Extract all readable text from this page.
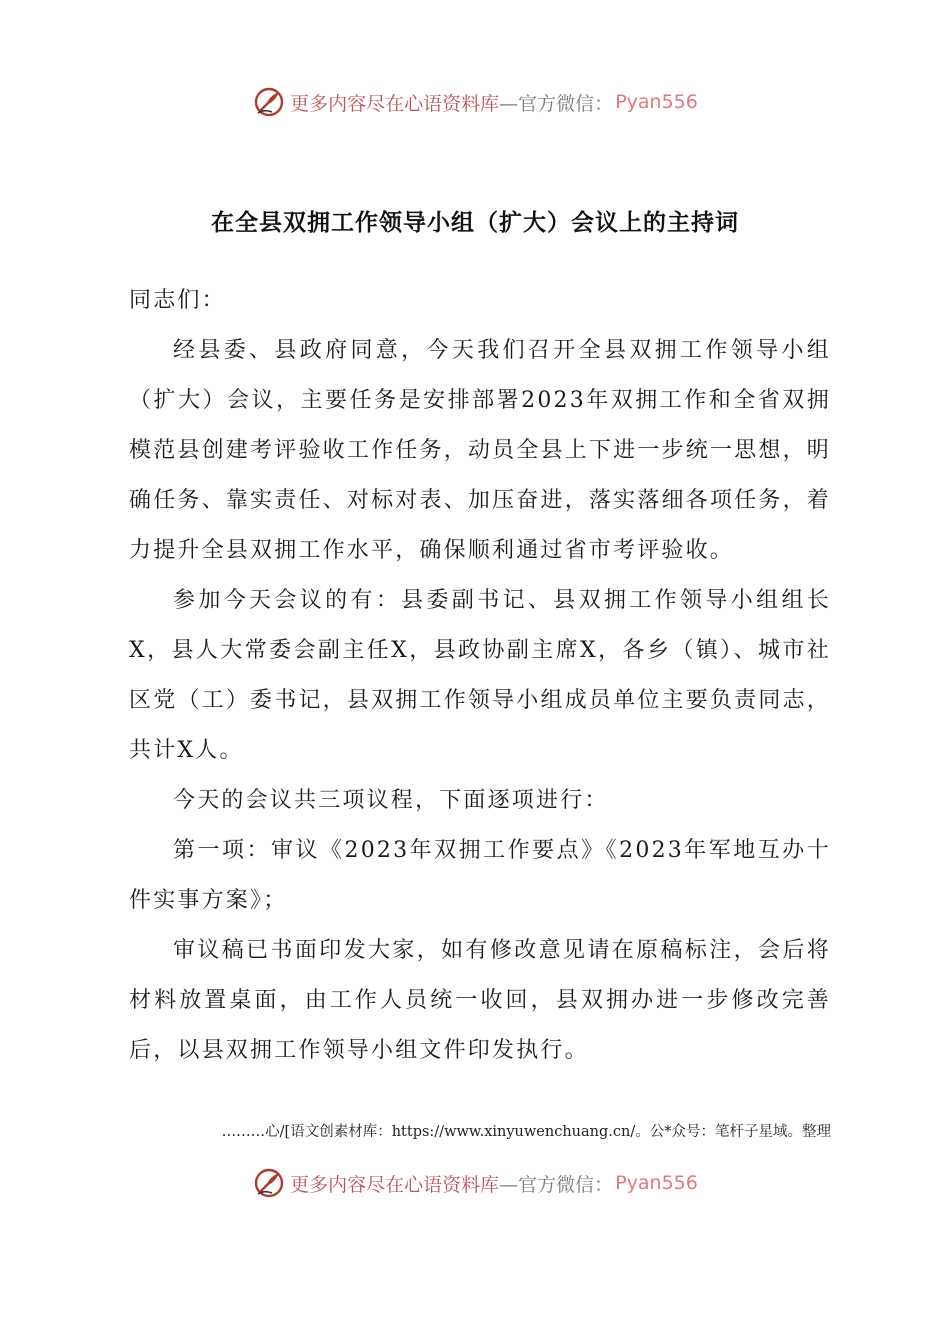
更多内容尽在心语资料库 —官方微信： Pyan556
在全县双拥工作领导小组（扩大）会议上的主持词

同志们：

经县委、县政府同意，今天我们召开全县双拥工作领导小组（扩大）会议，主要任务是安排部署2023年双拥工作和全省双拥模范县创建考评验收工作任务，动员全县上下进一步统一思想，明确任务、靠实责任、对标对表、加压奋进，落实落细各项任务，着力提升全县双拥工作水平，确保顺利通过省市考评验收。

参加今天会议的有：县委副书记、县双拥工作领导小组组长X，县人大常委会副主任X，县政协副主席X，各乡（镇）、城市社区党（工）委书记，县双拥工作领导小组成员单位主要负责同志，共计X人。

今天的会议共三项议程，下面逐项进行：

第一项：审议《2023年双拥工作要点》《2023年军地互办十件实事方案》；

审议稿已书面印发大家，如有修改意见请在原稿标注，会后将材料放置桌面，由工作人员统一收回，县双拥办进一步修改完善后，以县双拥工作领导小组文件印发执行。

………心/[语文创素材库：https://www.xinyuwenchuang.cn/。公*众号：笔杆子星域。整理
更多内容尽在心语资料库 —官方微信： Pyan556
